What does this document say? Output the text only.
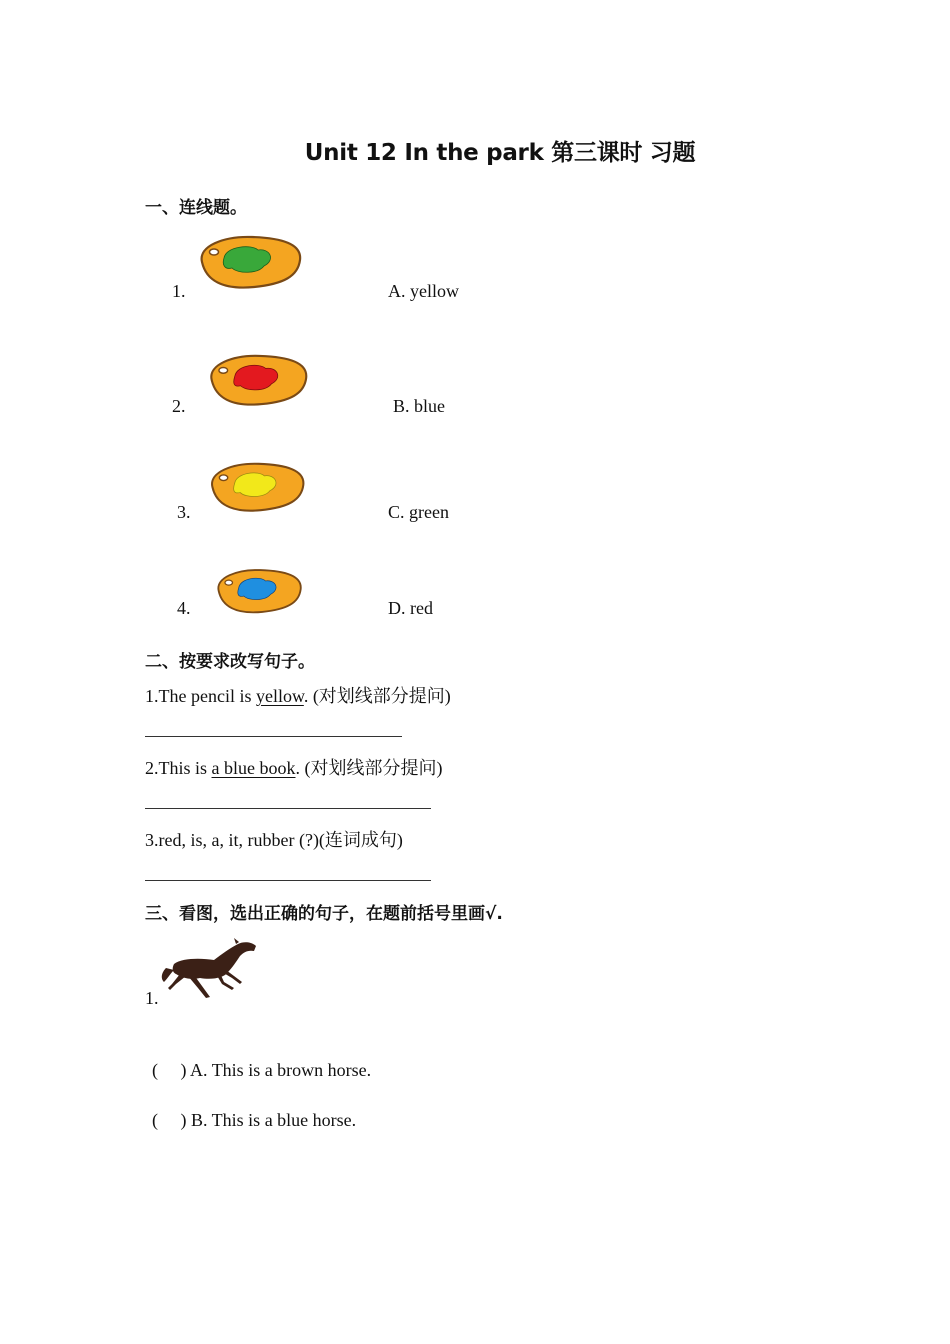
Unit 12 In the park 第三课时 习题
一、连线题。
1.	A. yellow
2.	B. blue
3.	C. green
4.	D. red
二、按要求改写句子。
1.The pencil is yellow. (对划线部分提问)
2.This is a blue book. (对划线部分提问)
3.red, is, a, it, rubber (?)(连词成句)
三、看图，选出正确的句子，在题前括号里画√.
1.
(     ) A. This is a brown horse.
(     ) B. This is a blue horse.
